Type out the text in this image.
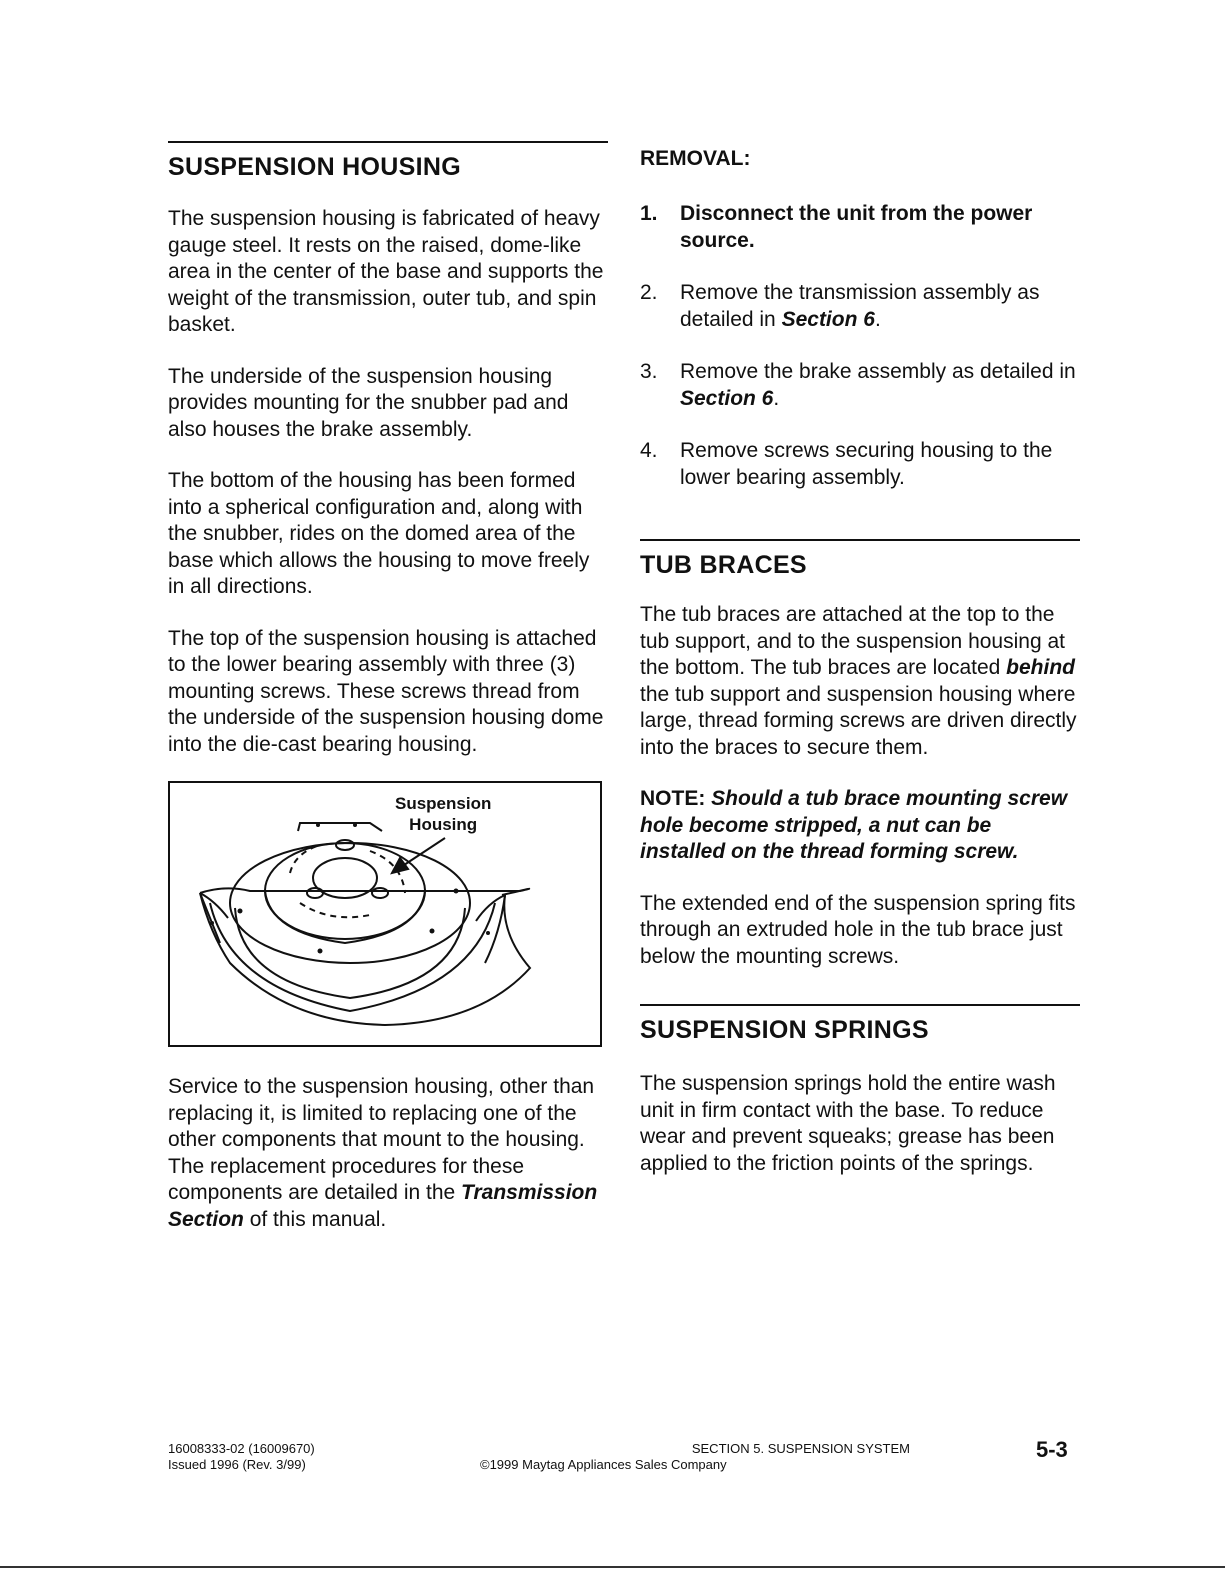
SUSPENSION HOUSING

The suspension housing is fabricated of heavy gauge steel. It rests on the raised, dome-like area in the center of the base and supports the weight of the transmission, outer tub, and spin basket.

The underside of the suspension housing provides mounting for the snubber pad and also houses the brake assembly.

The bottom of the housing has been formed into a spherical configuration and, along with the snubber, rides on the domed area of the base which allows the housing to move freely in all directions.

The top of the suspension housing is attached to the lower bearing assembly with three (3) mounting screws. These screws thread from the underside of the suspension housing dome into the die-cast bearing housing.

Suspension
Housing

Service to the suspension housing, other than replacing it, is limited to replacing one of the other components that mount to the housing. The replacement procedures for these components are detailed in the Transmission Section of this manual.

REMOVAL:
1. Disconnect the unit from the power source.
2. Remove the transmission assembly as detailed in Section 6.
3. Remove the brake assembly as detailed in Section 6.
4. Remove screws securing housing to the lower bearing assembly.
TUB BRACES

The tub braces are attached at the top to the tub support, and to the suspension housing at the bottom. The tub braces are located behind the tub support and suspension housing where large, thread forming screws are driven directly into the braces to secure them.

NOTE: Should a tub brace mounting screw hole become stripped, a nut can be installed on the thread forming screw.

The extended end of the suspension spring fits through an extruded hole in the tub brace just below the mounting screws.

SUSPENSION SPRINGS

The suspension springs hold the entire wash unit in firm contact with the base. To reduce wear and prevent squeaks; grease has been applied to the friction points of the springs.

16008333-02 (16009670)
Issued 1996 (Rev. 3/99)
SECTION 5. SUSPENSION SYSTEM
©1999 Maytag Appliances Sales Company
5-3
